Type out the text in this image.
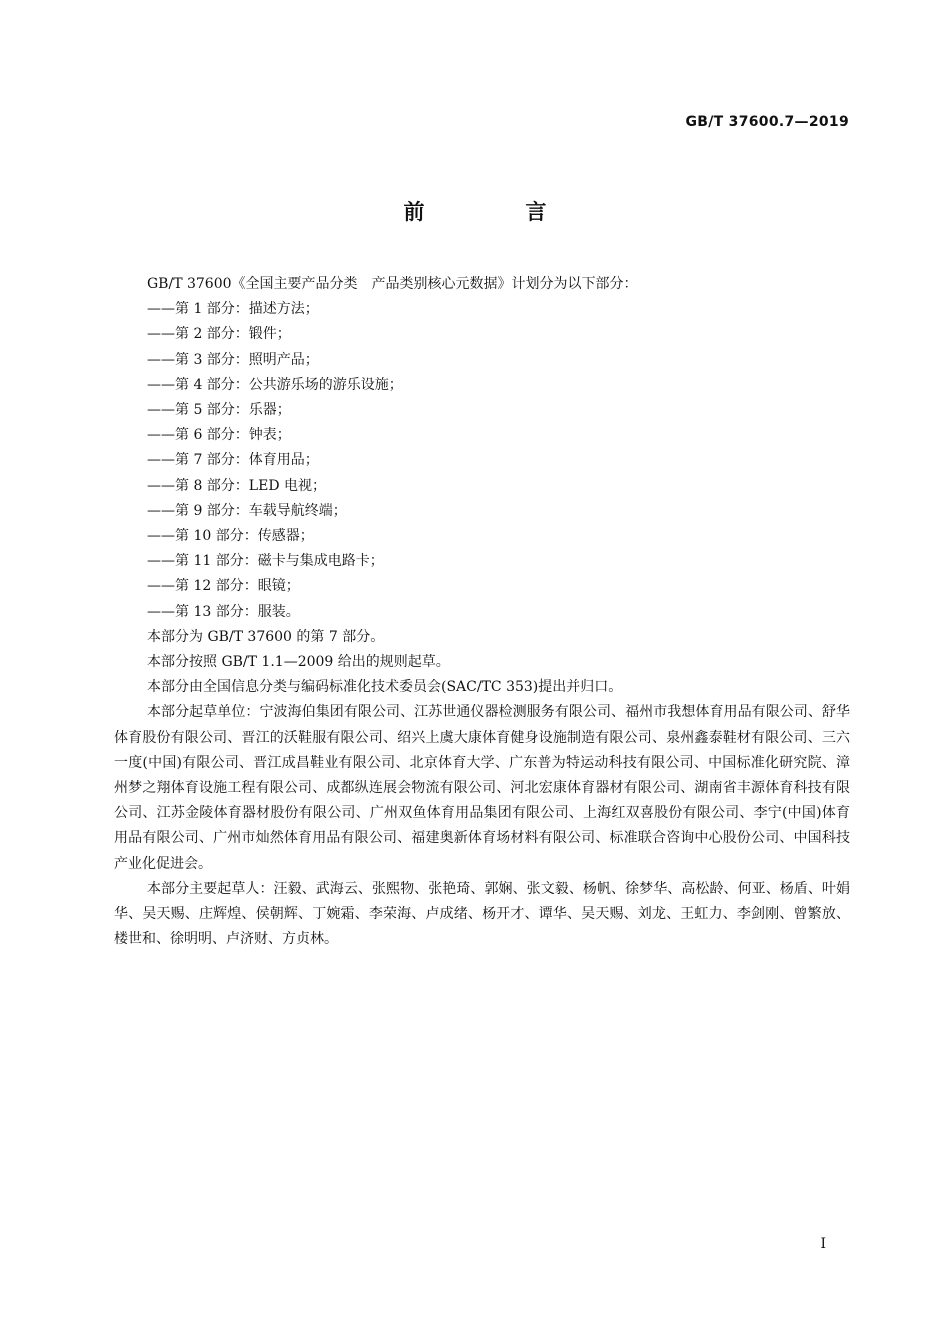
GB/T 37600.7—2019
前　言
GB/T 37600《全国主要产品分类　产品类别核心元数据》计划分为以下部分：
——第 1 部分：描述方法；
——第 2 部分：锻件；
——第 3 部分：照明产品；
——第 4 部分：公共游乐场的游乐设施；
——第 5 部分：乐器；
——第 6 部分：钟表；
——第 7 部分：体育用品；
——第 8 部分：LED 电视；
——第 9 部分：车载导航终端；
——第 10 部分：传感器；
——第 11 部分：磁卡与集成电路卡；
——第 12 部分：眼镜；
——第 13 部分：服装。
本部分为 GB/T 37600 的第 7 部分。
本部分按照 GB/T 1.1—2009 给出的规则起草。
本部分由全国信息分类与编码标准化技术委员会(SAC/TC 353)提出并归口。

本部分起草单位：宁波海伯集团有限公司、江苏世通仪器检测服务有限公司、福州市我想体育用品有限公司、舒华体育股份有限公司、晋江的沃鞋服有限公司、绍兴上虞大康体育健身设施制造有限公司、泉州鑫泰鞋材有限公司、三六一度(中国)有限公司、晋江成昌鞋业有限公司、北京体育大学、广东普为特运动科技有限公司、中国标准化研究院、漳州梦之翔体育设施工程有限公司、成都纵连展会物流有限公司、河北宏康体育器材有限公司、湖南省丰源体育科技有限公司、江苏金陵体育器材股份有限公司、广州双鱼体育用品集团有限公司、上海红双喜股份有限公司、李宁(中国)体育用品有限公司、广州市灿然体育用品有限公司、福建奥新体育场材料有限公司、标准联合咨询中心股份公司、中国科技产业化促进会。

本部分主要起草人：汪毅、武海云、张熙物、张艳琦、郭娴、张文毅、杨帆、徐梦华、高松龄、何亚、杨盾、叶娟华、吴天赐、庄辉煌、侯朝辉、丁婉霜、李荣海、卢成绪、杨开才、谭华、吴天赐、刘龙、王虹力、李剑刚、曾繁放、楼世和、徐明明、卢济财、方贞林。

I
